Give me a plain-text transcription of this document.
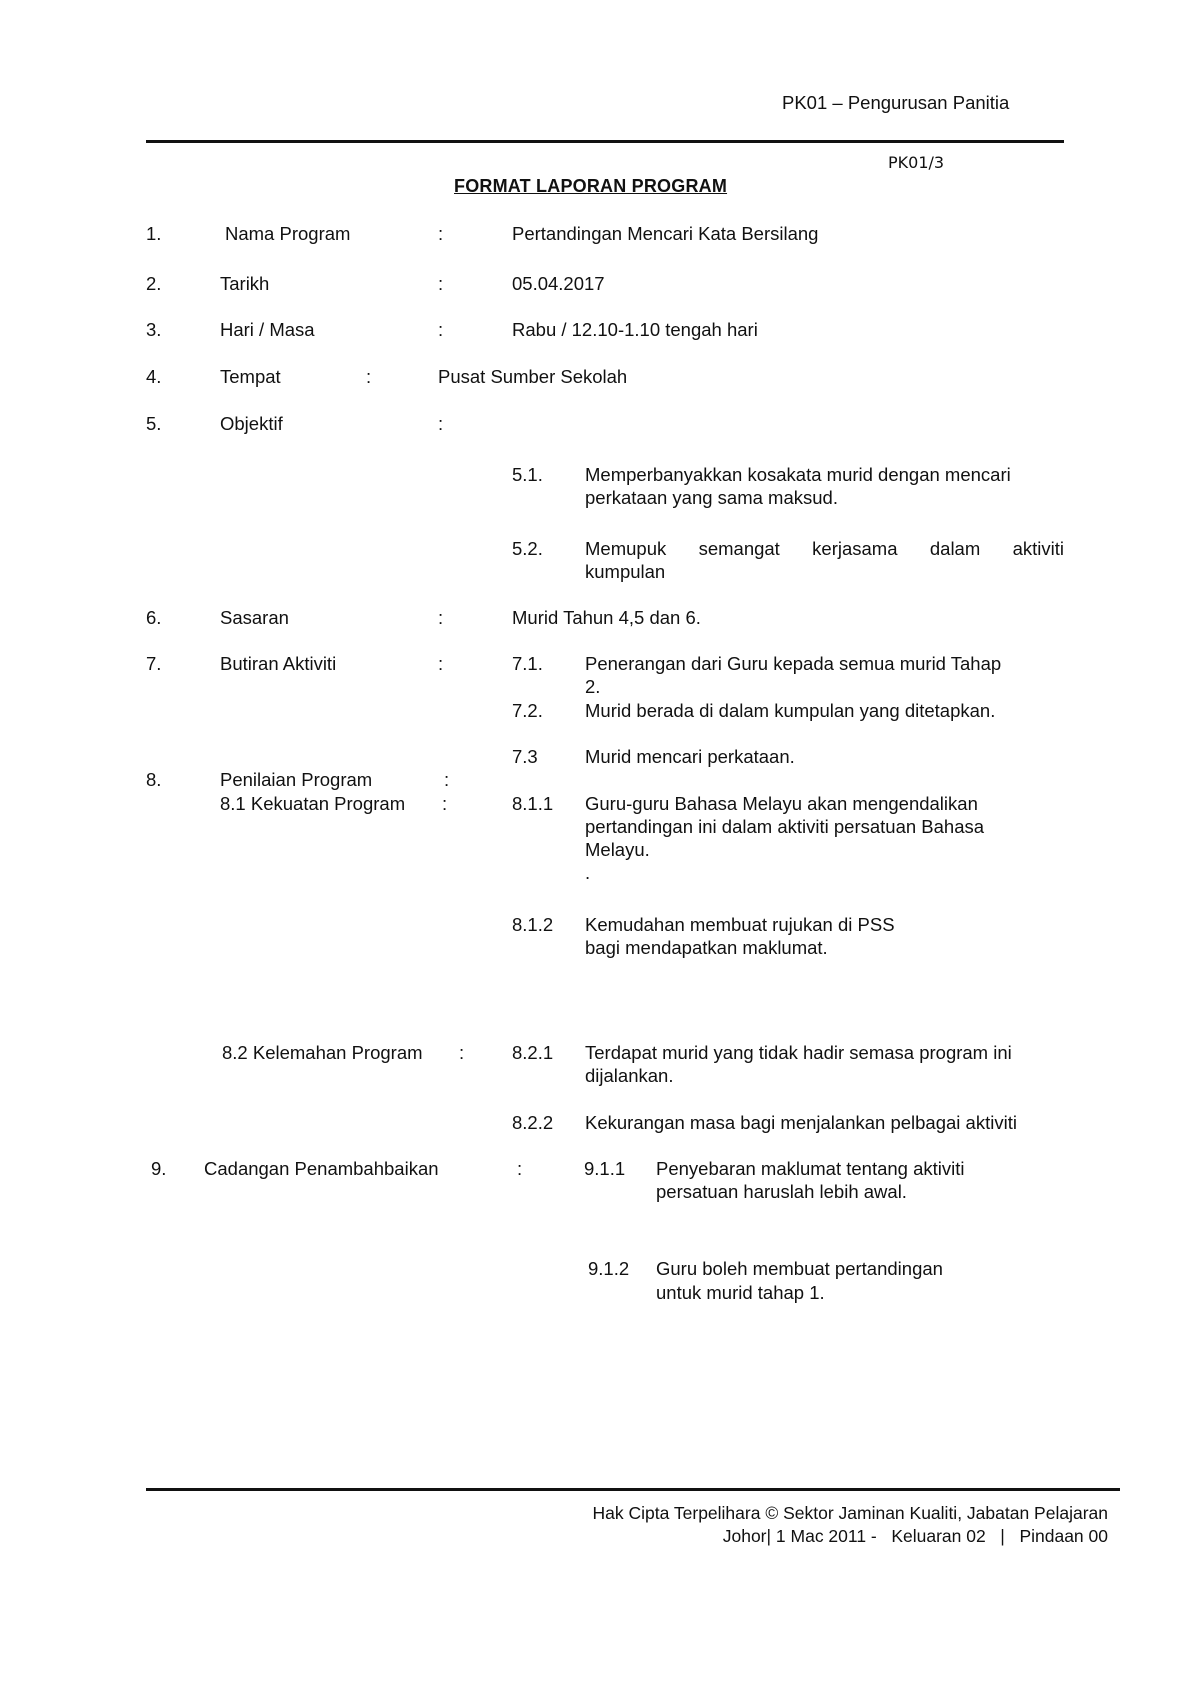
PK01 – Pengurusan Panitia
PK01/3
FORMAT LAPORAN PROGRAM
1.	Nama Program	:	Pertandingan Mencari Kata Bersilang
2.	Tarikh	:	05.04.2017
3.	Hari / Masa	:	Rabu / 12.10-1.10 tengah hari
4.	Tempat	:	Pusat Sumber Sekolah
5.	Objektif	:
5.1. Memperbanyakkan kosakata murid dengan mencari
perkataan yang sama maksud.
5.2. Memupuk semangat kerjasama dalam aktiviti
kumpulan
6.	Sasaran	:	Murid Tahun 4,5 dan 6.
7.	Butiran Aktiviti	:	7.1. Penerangan dari Guru kepada semua murid Tahap
2.
7.2. Murid berada di dalam kumpulan yang ditetapkan.
7.3	Murid mencari perkataan.
8.	Penilaian Program	:
8.1 Kekuatan Program :	8.1.1 Guru-guru Bahasa Melayu akan mengendalikan
pertandingan ini dalam aktiviti persatuan Bahasa
Melayu.
.
8.1.2 Kemudahan membuat rujukan di PSS
bagi mendapatkan maklumat.
8.2 Kelemahan Program :	8.2.1 Terdapat murid yang tidak hadir semasa program ini
dijalankan.
8.2.2 Kekurangan masa bagi menjalankan pelbagai aktiviti
9. Cadangan Penambahbaikan	:	9.1.1 Penyebaran maklumat tentang aktiviti
persatuan haruslah lebih awal.
9.1.2 Guru boleh membuat pertandingan
untuk murid tahap 1.
Hak Cipta Terpelihara © Sektor Jaminan Kualiti, Jabatan Pelajaran
Johor| 1 Mac 2011 -   Keluaran 02   |   Pindaan 00
